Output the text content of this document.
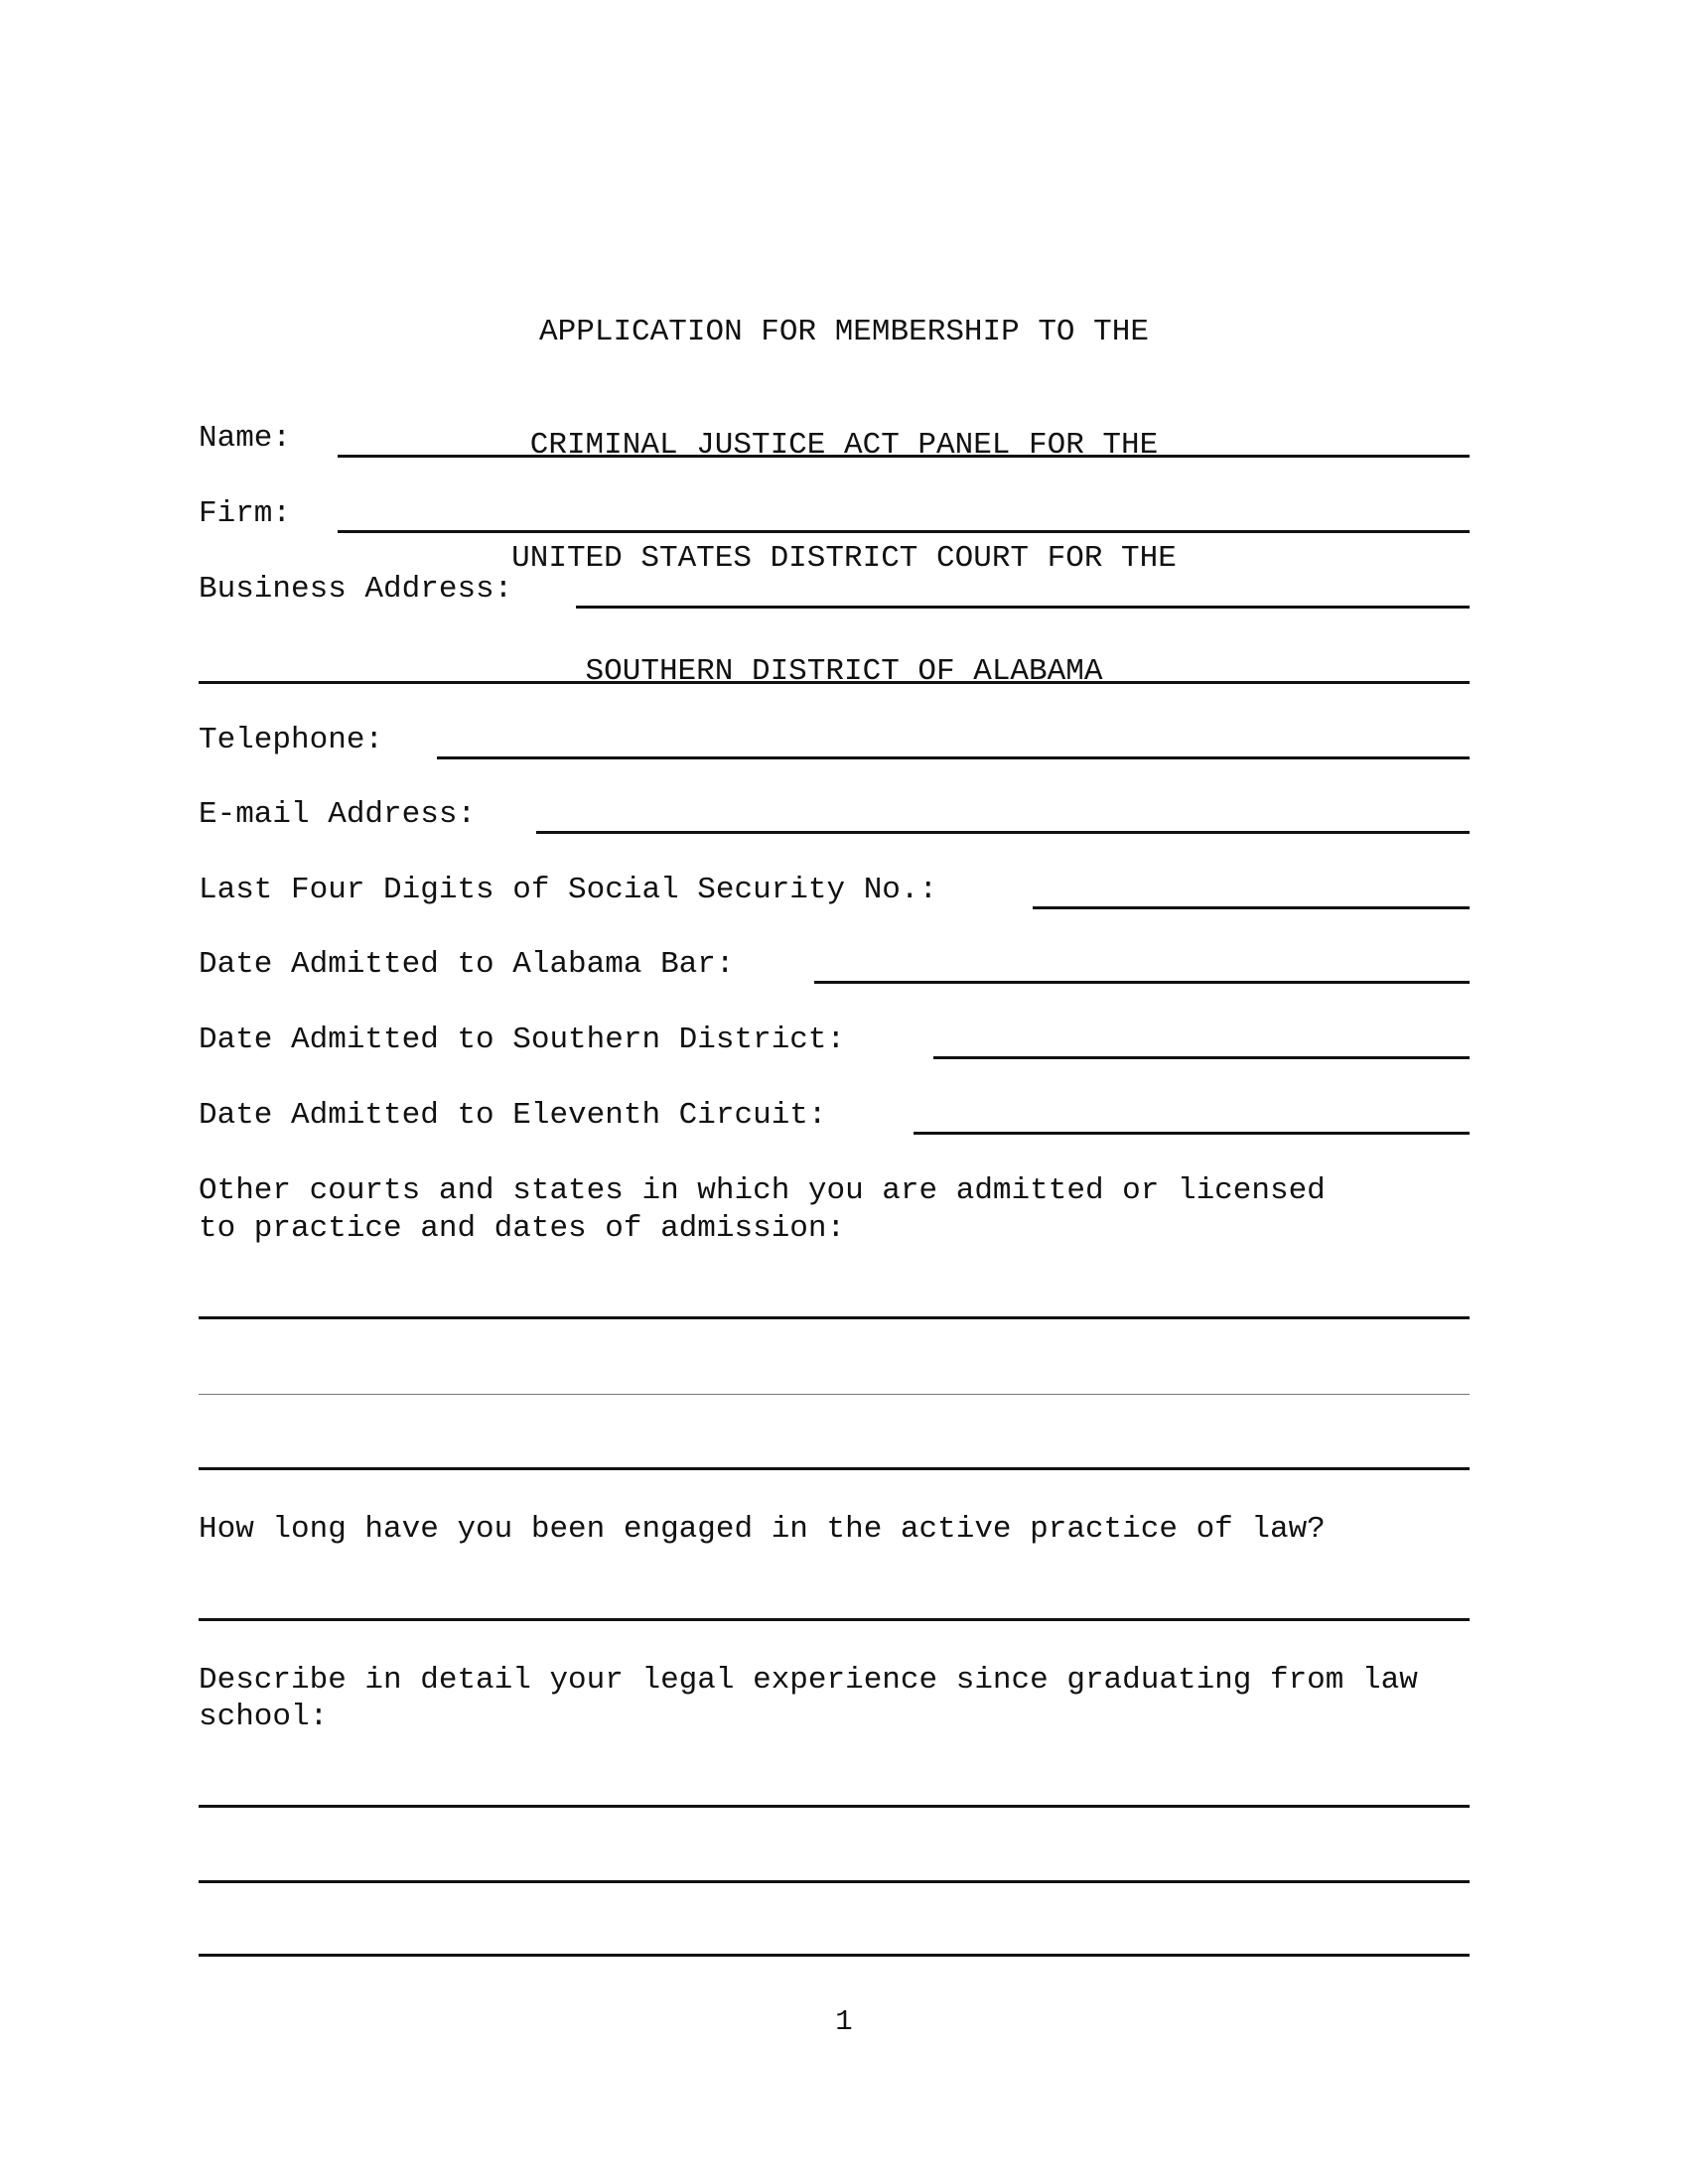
APPLICATION FOR MEMBERSHIP TO THE

CRIMINAL JUSTICE ACT PANEL FOR THE

UNITED STATES DISTRICT COURT FOR THE

SOUTHERN DISTRICT OF ALABAMA

Name:
Firm:
Business Address:
Telephone:
E-mail Address:
Last Four Digits of Social Security No.:
Date Admitted to Alabama Bar:
Date Admitted to Southern District:
Date Admitted to Eleventh Circuit:
Other courts and states in which you are admitted or licensed
to practice and dates of admission:
How long have you been engaged in the active practice of law?
Describe in detail your legal experience since graduating from law
school:
1
